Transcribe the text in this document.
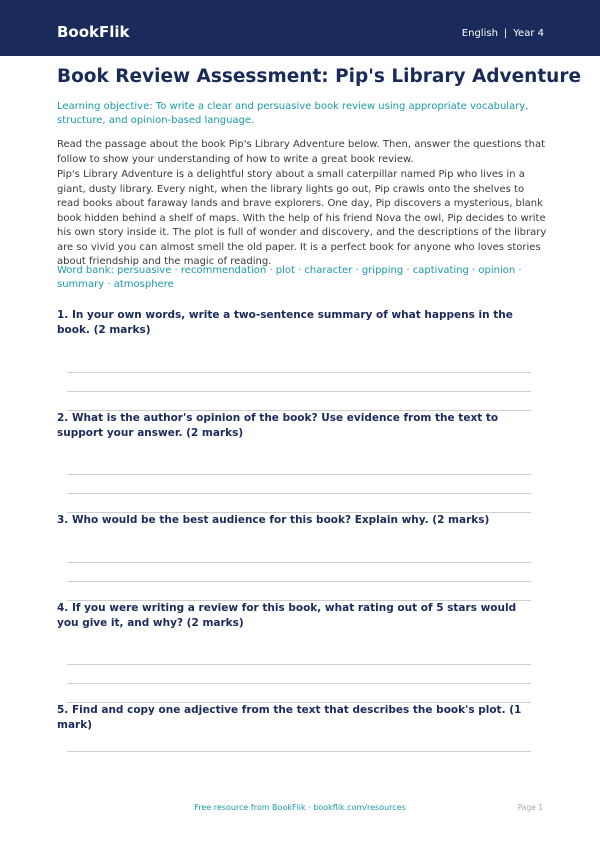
BookFlik	English | Year 4
Book Review Assessment: Pip's Library Adventure
Learning objective: To write a clear and persuasive book review using appropriate vocabulary, structure, and opinion-based language.
Read the passage about the book Pip's Library Adventure below. Then, answer the questions that follow to show your understanding of how to write a great book review.
Pip's Library Adventure is a delightful story about a small caterpillar named Pip who lives in a giant, dusty library. Every night, when the library lights go out, Pip crawls onto the shelves to read books about faraway lands and brave explorers. One day, Pip discovers a mysterious, blank book hidden behind a shelf of maps. With the help of his friend Nova the owl, Pip decides to write his own story inside it. The plot is full of wonder and discovery, and the descriptions of the library are so vivid you can almost smell the old paper. It is a perfect book for anyone who loves stories about friendship and the magic of reading.
Word bank: persuasive · recommendation · plot · character · gripping · captivating · opinion · summary · atmosphere
1. In your own words, write a two-sentence summary of what happens in the book. (2 marks)
2. What is the author's opinion of the book? Use evidence from the text to support your answer. (2 marks)
3. Who would be the best audience for this book? Explain why. (2 marks)
4. If you were writing a review for this book, what rating out of 5 stars would you give it, and why? (2 marks)
5. Find and copy one adjective from the text that describes the book's plot. (1 mark)
Free resource from BookFlik · bookflik.com/resources	Page 1
